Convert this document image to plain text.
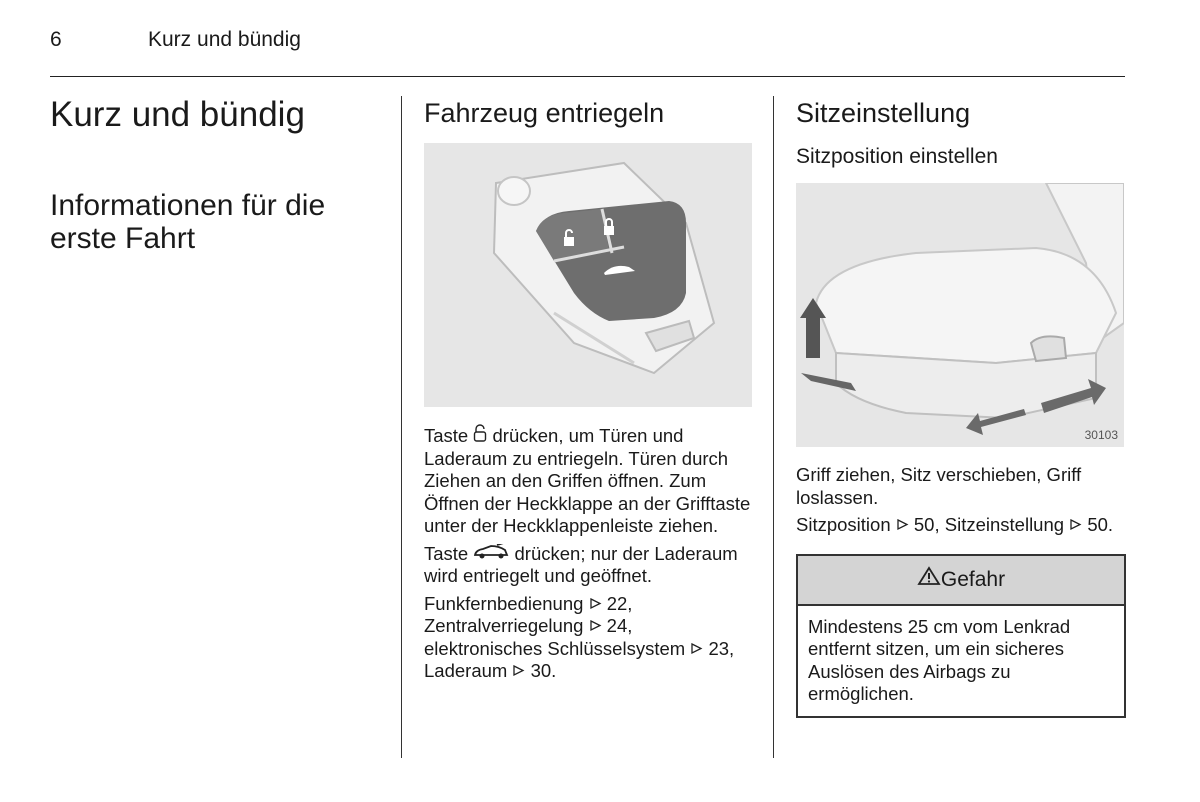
6	Kurz und bündig
Kurz und bündig
Informationen für die erste Fahrt
Fahrzeug entriegeln

Taste  drücken, um Türen und Laderaum zu entriegeln. Türen durch Ziehen an den Griffen öffnen. Zum Öffnen der Heckklappe an der Grifftaste unter der Heckklappenleiste ziehen.

Taste  drücken; nur der Laderaum wird entriegelt und geöffnet.

Funkfernbedienung  22, Zentralverriegelung  24, elektronisches Schlüsselsystem  23, Laderaum  30.

Sitzeinstellung
Sitzposition einstellen
30103

Griff ziehen, Sitz verschieben, Griff loslassen.

Sitzposition  50, Sitzeinstellung  50.

Gefahr

Mindestens 25 cm vom Lenkrad entfernt sitzen, um ein sicheres Auslösen des Airbags zu ermöglichen.
